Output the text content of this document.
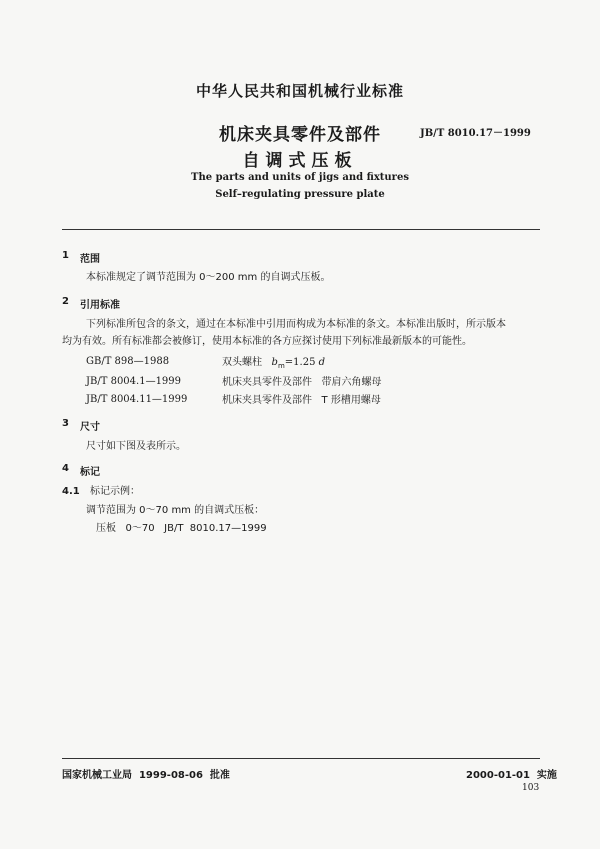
中华人民共和国机械行业标准
机床夹具零件及部件
自调式压板
JB/T 8010.17－1999
The parts and units of jigs and fixtures
Self–regulating pressure plate
1 范围
本标准规定了调节范围为 0～200 mm 的自调式压板。
2 引用标准
下列标准所包含的条文，通过在本标准中引用而构成为本标准的条文。本标准出版时，所示版本
均为有效。所有标准都会被修订，使用本标准的各方应探讨使用下列标准最新版本的可能性。
GB/T 898—1988	双头螺柱 $b_m=1.25$ d
JB/T 8004.1—1999	机床夹具零件及部件   带肩六角螺母
JB/T 8004.11—1999	机床夹具零件及部件   T 形槽用螺母
3 尺寸
尺寸如下图及表所示。
4 标记
4.1 标记示例：
调节范围为 0～70 mm 的自调式压板：
压板   0～70   JB/T  8010.17—1999
国家机械工业局  1999-08-06  批准	2000-01-01  实施
103
